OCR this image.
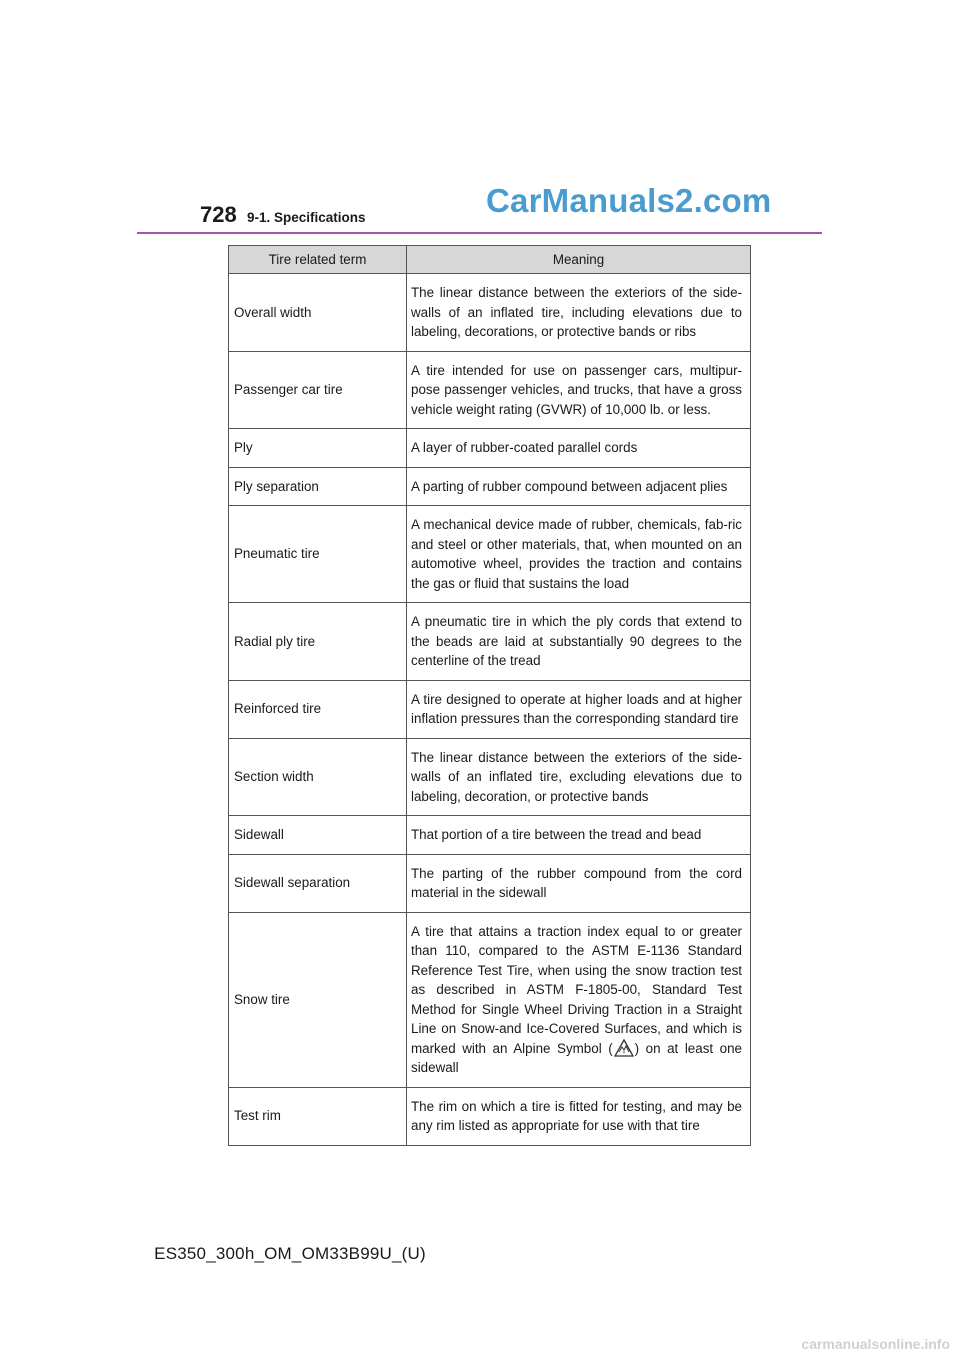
728 9-1. Specifications	CarManuals2.com
Tire related term	Meaning
Overall width	The linear distance between the exteriors of the side-walls of an inflated tire, including elevations due to labeling, decorations, or protective bands or ribs
Passenger car tire	A tire intended for use on passenger cars, multipur-pose passenger vehicles, and trucks, that have a gross vehicle weight rating (GVWR) of 10,000 lb. or less.
Ply	A layer of rubber-coated parallel cords
Ply separation	A parting of rubber compound between adjacent plies
Pneumatic tire	A mechanical device made of rubber, chemicals, fab-ric and steel or other materials, that, when mounted on an automotive wheel, provides the traction and contains the gas or fluid that sustains the load
Radial ply tire	A pneumatic tire in which the ply cords that extend to the beads are laid at substantially 90 degrees to the centerline of the tread
Reinforced tire	A tire designed to operate at higher loads and at higher inflation pressures than the corresponding standard tire
Section width	The linear distance between the exteriors of the side-walls of an inflated tire, excluding elevations due to labeling, decoration, or protective bands
Sidewall	That portion of a tire between the tread and bead
Sidewall separation	The parting of the rubber compound from the cord material in the sidewall
Snow tire	A tire that attains a traction index equal to or greater than 110, compared to the ASTM E-1136 Standard Reference Test Tire, when using the snow traction test as described in ASTM F-1805-00, Standard Test Method for Single Wheel Driving Traction in a Straight Line on Snow-and Ice-Covered Surfaces, and which is marked with an Alpine Symbol ( * ) on at least one sidewall
Test rim	The rim on which a tire is fitted for testing, and may be any rim listed as appropriate for use with that tire
ES350_300h_OM_OM33B99U_(U)
carmanualsonline.info
